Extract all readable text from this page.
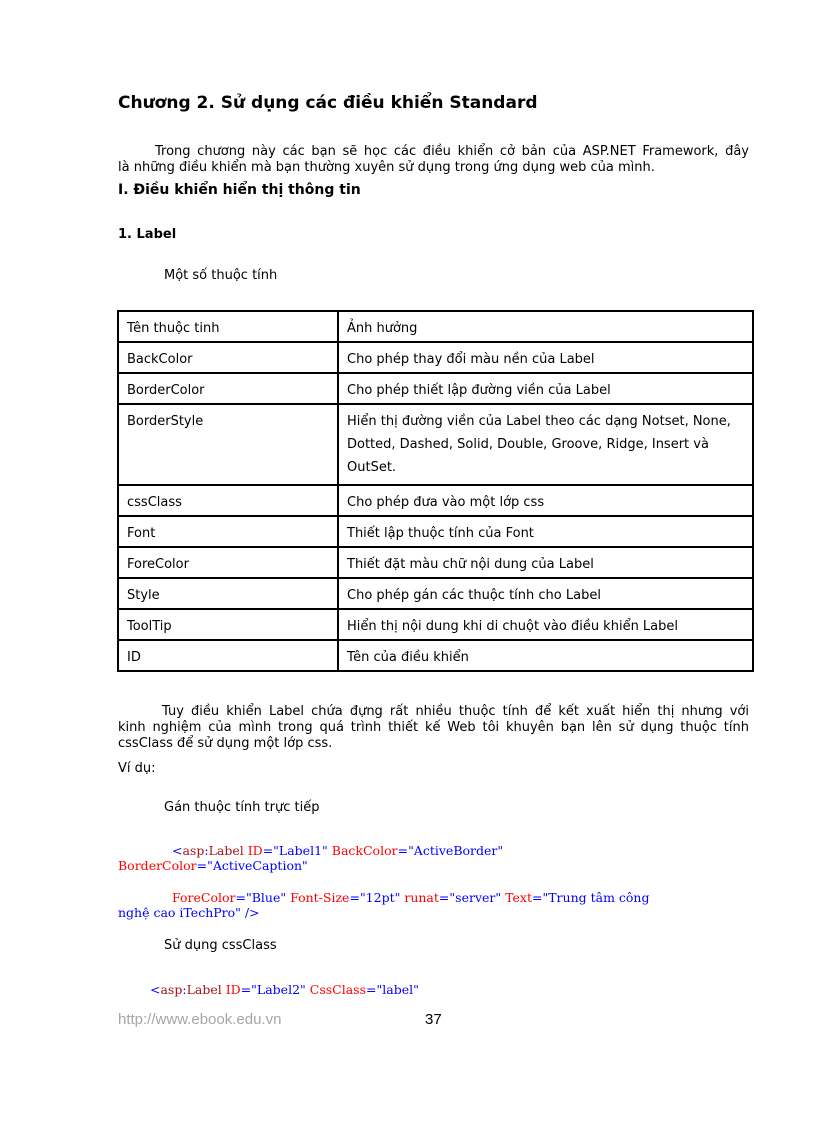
Chương 2. Sử dụng các điều khiển Standard
Trong chương này các bạn sẽ học các điều khiển cở bản của ASP.NET Framework, đây
là những điều khiển mà bạn thường xuyên sử dụng trong ứng dụng web của mình.
I. Điều khiển hiển thị thông tin
1. Label
Một số thuộc tính
Tên thuộc tinh	Ảnh hưởng
BackColor	Cho phép thay đổi màu nền của Label
BorderColor	Cho phép thiết lập đường viền của Label
BorderStyle	Hiển thị đường viền của Label theo các dạng Notset, None, Dotted, Dashed, Solid, Double, Groove, Ridge, Insert và OutSet.
cssClass	Cho phép đưa vào một lớp css
Font	Thiết lập thuộc tính của Font
ForeColor	Thiết đặt màu chữ nội dung của Label
Style	Cho phép gán các thuộc tính cho Label
ToolTip	Hiển thị nội dung khi di chuột vào điều khiển Label
ID	Tên của điều khiển
Tuy điều khiển Label chứa đựng rất nhiều thuộc tính để kết xuất hiển thị nhưng với
kinh nghiệm của mình trong quá trình thiết kế Web tôi khuyên bạn lên sử dụng thuộc tính
cssClass để sử dụng một lớp css.
Ví dụ:
Gán thuộc tính trực tiếp
<asp:Label ID="Label1" BackColor="ActiveBorder"
BorderColor="ActiveCaption"
ForeColor="Blue" Font-Size="12pt" runat="server" Text="Trung tâm công
nghệ cao iTechPro" />
Sử dụng cssClass
<asp:Label ID="Label2" CssClass="label"
http://www.ebook.edu.vn	37
